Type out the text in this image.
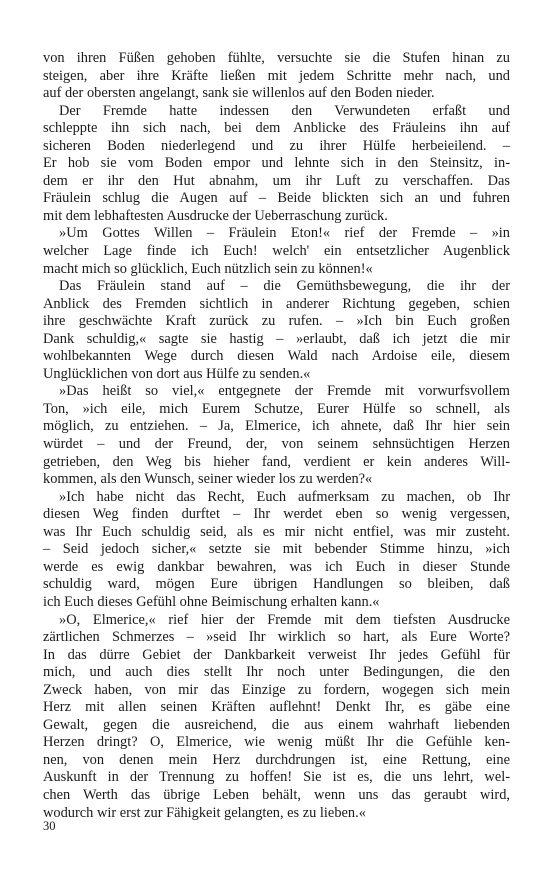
von ihren Füßen gehoben fühlte, versuchte sie die Stufen hinan zu
steigen, aber ihre Kräfte ließen mit jedem Schritte mehr nach, und
auf der obersten angelangt, sank sie willenlos auf den Boden nieder.
Der Fremde hatte indessen den Verwundeten erfaßt und
schleppte ihn sich nach, bei dem Anblicke des Fräuleins ihn auf
sicheren Boden niederlegend und zu ihrer Hülfe herbeieilend. –
Er hob sie vom Boden empor und lehnte sich in den Steinsitz, in-
dem er ihr den Hut abnahm, um ihr Luft zu verschaffen. Das
Fräulein schlug die Augen auf – Beide blickten sich an und fuhren
mit dem lebhaftesten Ausdrucke der Ueberraschung zurück.
»Um Gottes Willen – Fräulein Eton!« rief der Fremde – »in
welcher Lage finde ich Euch! welch' ein entsetzlicher Augenblick
macht mich so glücklich, Euch nützlich sein zu können!«
Das Fräulein stand auf – die Gemüthsbewegung, die ihr der
Anblick des Fremden sichtlich in anderer Richtung gegeben, schien
ihre geschwächte Kraft zurück zu rufen. – »Ich bin Euch großen
Dank schuldig,« sagte sie hastig – »erlaubt, daß ich jetzt die mir
wohlbekannten Wege durch diesen Wald nach Ardoise eile, diesem
Unglücklichen von dort aus Hülfe zu senden.«
»Das heißt so viel,« entgegnete der Fremde mit vorwurfsvollem
Ton, »ich eile, mich Eurem Schutze, Eurer Hülfe so schnell, als
möglich, zu entziehen. – Ja, Elmerice, ich ahnete, daß Ihr hier sein
würdet – und der Freund, der, von seinem sehnsüchtigen Herzen
getrieben, den Weg bis hieher fand, verdient er kein anderes Will-
kommen, als den Wunsch, seiner wieder los zu werden?«
»Ich habe nicht das Recht, Euch aufmerksam zu machen, ob Ihr
diesen Weg finden durftet – Ihr werdet eben so wenig vergessen,
was Ihr Euch schuldig seid, als es mir nicht entfiel, was mir zusteht.
– Seid jedoch sicher,« setzte sie mit bebender Stimme hinzu, »ich
werde es ewig dankbar bewahren, was ich Euch in dieser Stunde
schuldig ward, mögen Eure übrigen Handlungen so bleiben, daß
ich Euch dieses Gefühl ohne Beimischung erhalten kann.«
»O, Elmerice,« rief hier der Fremde mit dem tiefsten Ausdrucke
zärtlichen Schmerzes – »seid Ihr wirklich so hart, als Eure Worte?
In das dürre Gebiet der Dankbarkeit verweist Ihr jedes Gefühl für
mich, und auch dies stellt Ihr noch unter Bedingungen, die den
Zweck haben, von mir das Einzige zu fordern, wogegen sich mein
Herz mit allen seinen Kräften auflehnt! Denkt Ihr, es gäbe eine
Gewalt, gegen die ausreichend, die aus einem wahrhaft liebenden
Herzen dringt? O, Elmerice, wie wenig müßt Ihr die Gefühle ken-
nen, von denen mein Herz durchdrungen ist, eine Rettung, eine
Auskunft in der Trennung zu hoffen! Sie ist es, die uns lehrt, wel-
chen Werth das übrige Leben behält, wenn uns das geraubt wird,
wodurch wir erst zur Fähigkeit gelangten, es zu lieben.«
30
